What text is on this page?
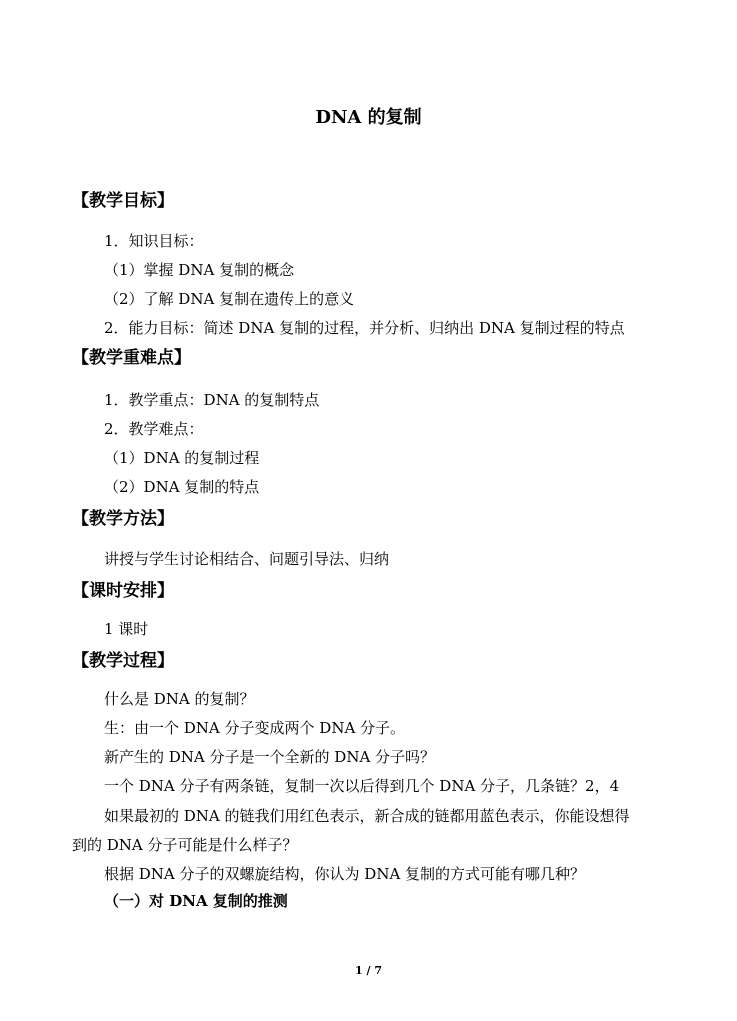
DNA 的复制
【教学目标】
1．知识目标：
（1）掌握 DNA 复制的概念
（2）了解 DNA 复制在遗传上的意义
2．能力目标：简述 DNA 复制的过程，并分析、归纳出 DNA 复制过程的特点
【教学重难点】
1．教学重点：DNA 的复制特点
2．教学难点：
（1）DNA 的复制过程
（2）DNA 复制的特点
【教学方法】
讲授与学生讨论相结合、问题引导法、归纳
【课时安排】
1 课时
【教学过程】
什么是 DNA 的复制？
生：由一个 DNA 分子变成两个 DNA 分子。
新产生的 DNA 分子是一个全新的 DNA 分子吗？
一个 DNA 分子有两条链，复制一次以后得到几个 DNA 分子，几条链？2，4
如果最初的 DNA 的链我们用红色表示，新合成的链都用蓝色表示，你能设想得
到的 DNA 分子可能是什么样子？
根据 DNA 分子的双螺旋结构，你认为 DNA 复制的方式可能有哪几种？
（一）对 DNA 复制的推测
1 / 7
